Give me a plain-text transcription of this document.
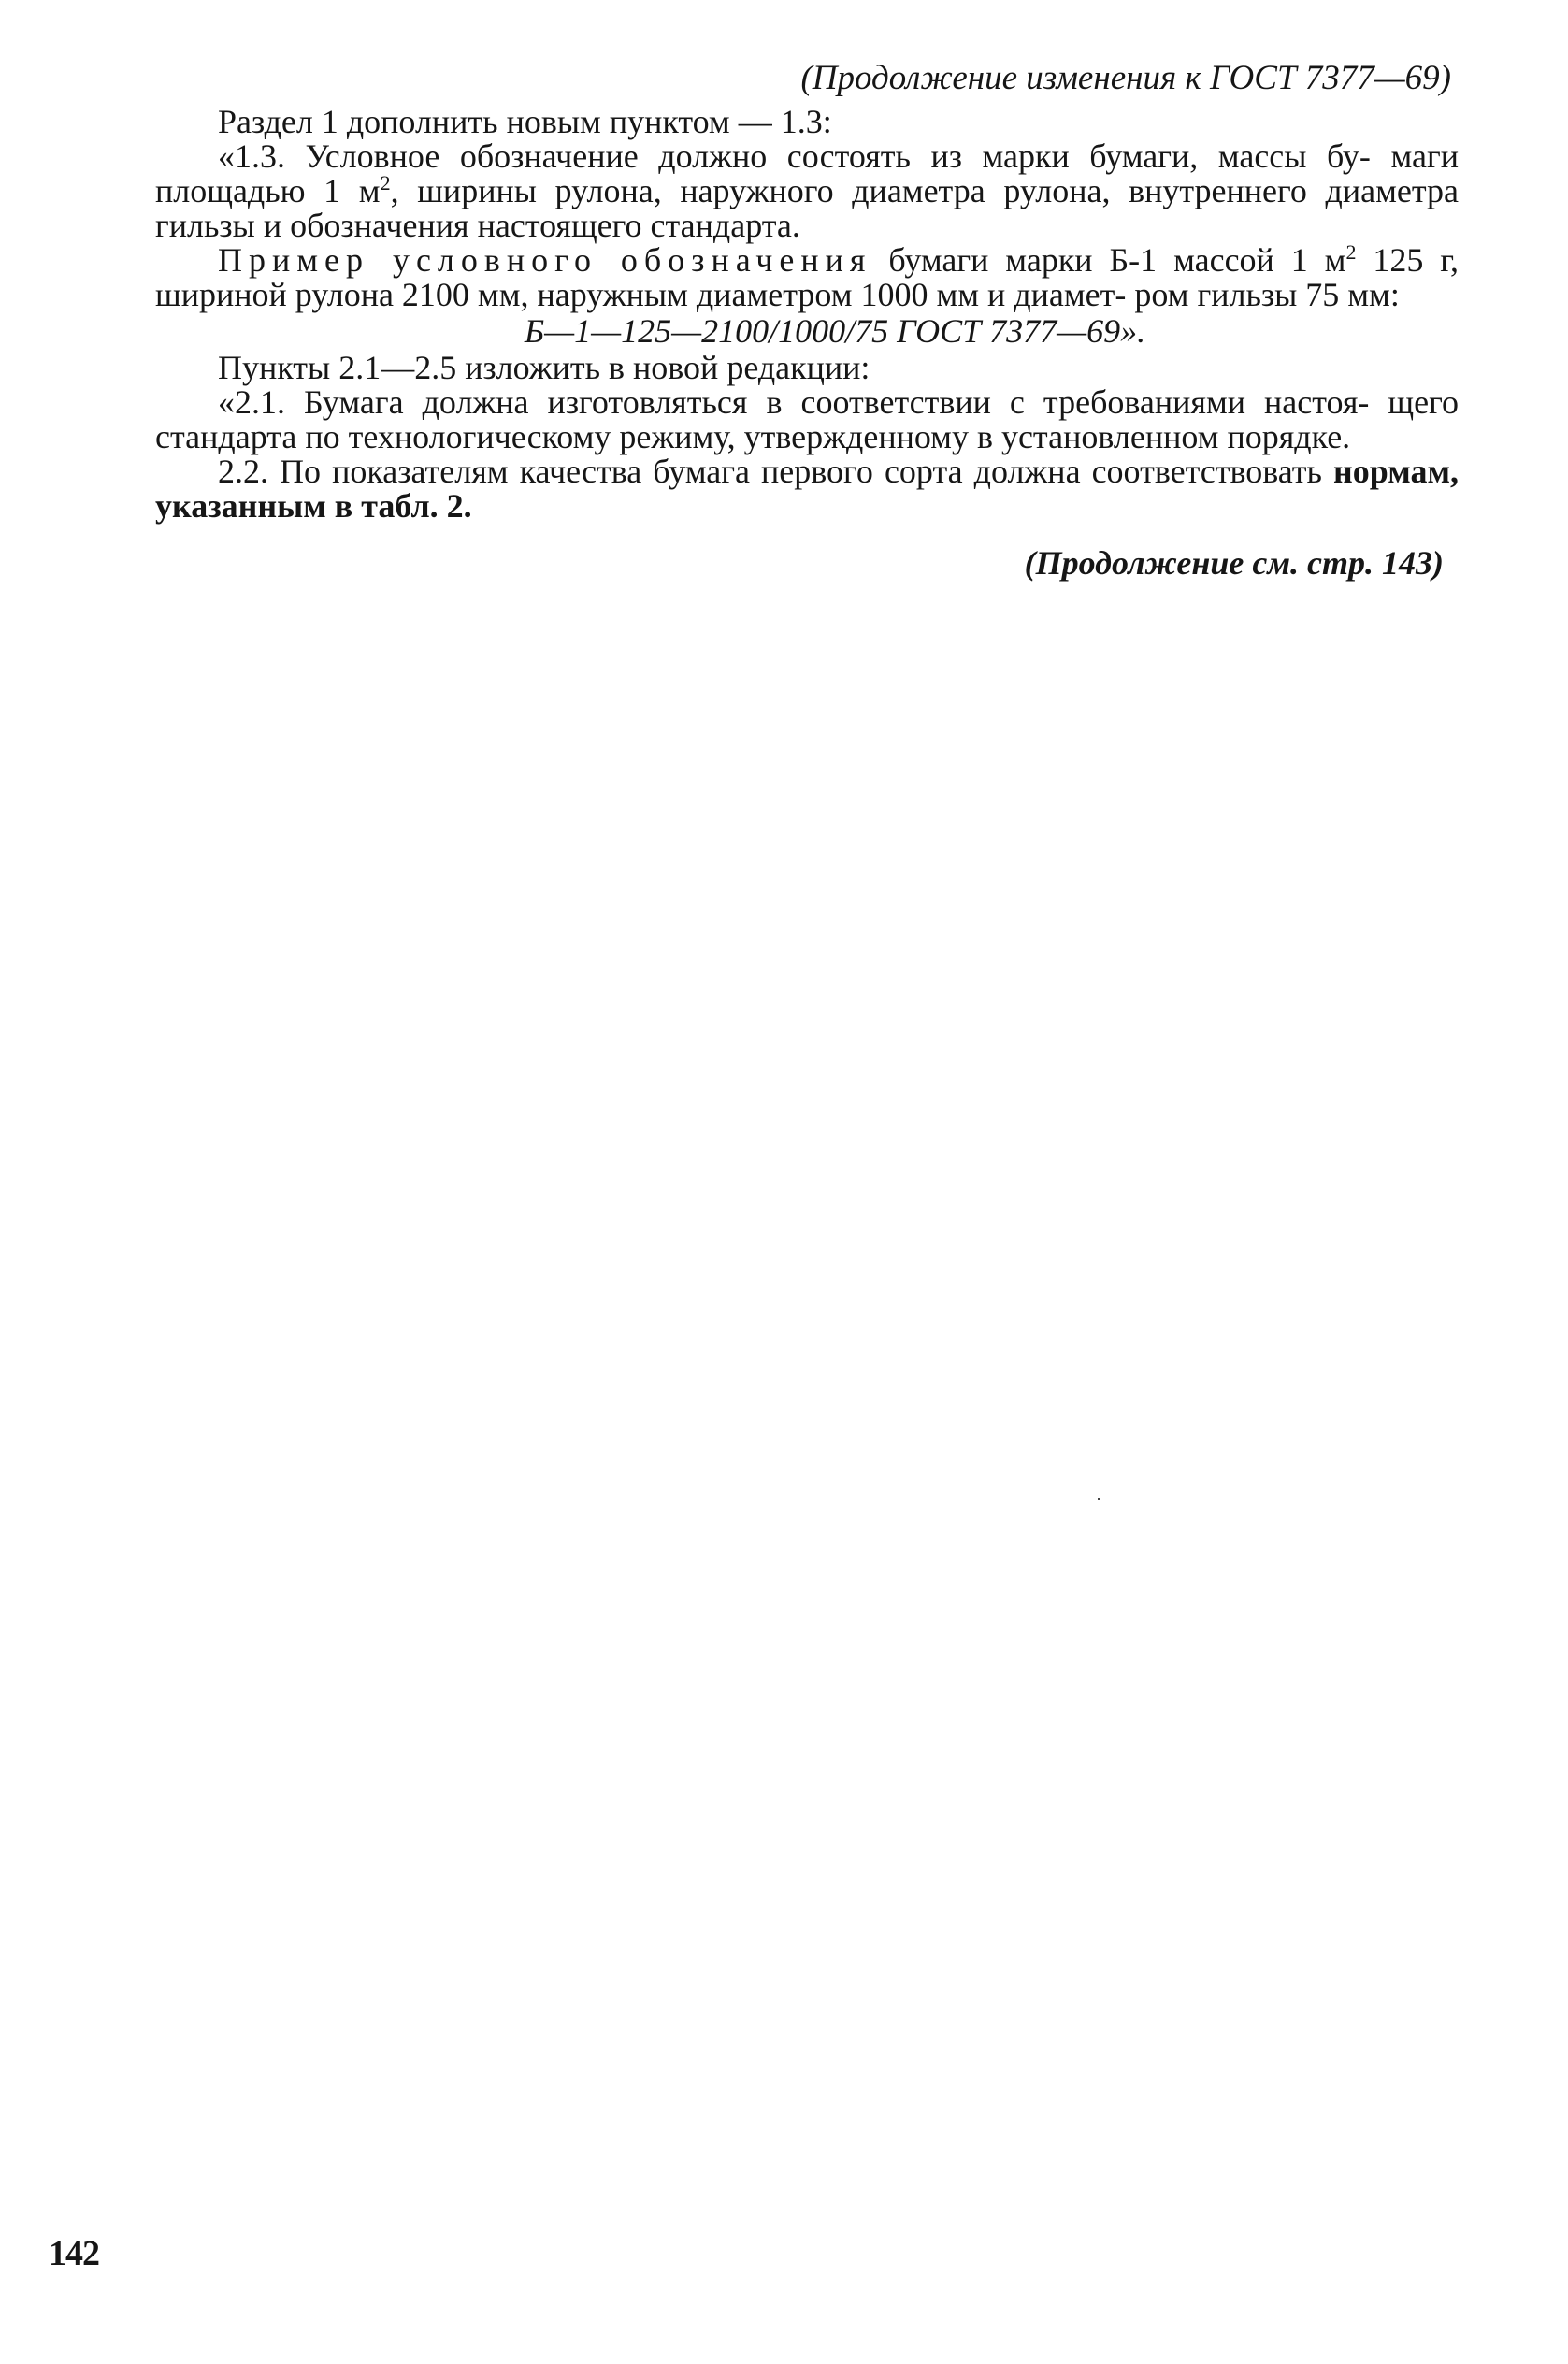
(Продолжение изменения к ГОСТ 7377—69)

Раздел 1 дополнить новым пунктом — 1.3:

«1.3. Условное обозначение должно состоять из марки бумаги, массы бу- маги площадью 1 $м^2$, ширины рулона, наружного диаметра рулона, внутреннего диаметра гильзы и обозначения настоящего стандарта.

Пример условного обозначения бумаги марки Б-1 массой 1 $м^2$ 125 г, шириной рулона 2100 мм, наружным диаметром 1000 мм и диамет- ром гильзы 75 мм:

Б—1—125—2100/1000/75 ГОСТ 7377—69».

Пункты 2.1—2.5 изложить в новой редакции:

«2.1. Бумага должна изготовляться в соответствии с требованиями настоя- щего стандарта по технологическому режиму, утвержденному в установленном порядке.

2.2. По показателям качества бумага первого сорта должна соответствовать нормам, указанным в табл. 2.

(Продолжение см. стр. 143)
142
